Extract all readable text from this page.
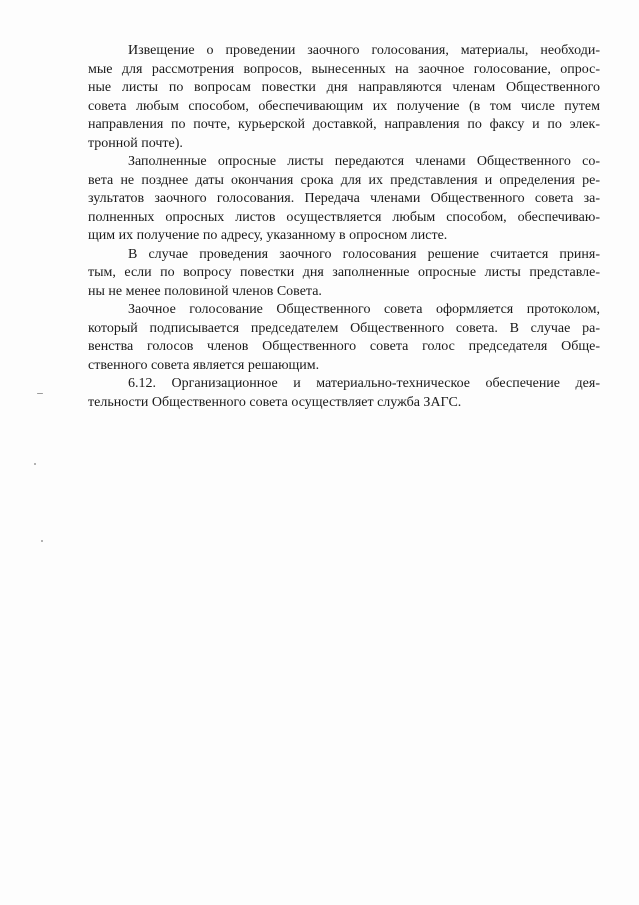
Извещение о проведении заочного голосования, материалы, необходи-
мые для рассмотрения вопросов, вынесенных на заочное голосование, опрос-
ные листы по вопросам повестки дня направляются членам Общественного
совета любым способом, обеспечивающим их получение (в том числе путем
направления по почте, курьерской доставкой, направления по факсу и по элек-
тронной почте).

Заполненные опросные листы передаются членами Общественного со-
вета не позднее даты окончания срока для их представления и определения ре-
зультатов заочного голосования. Передача членами Общественного совета за-
полненных опросных листов осуществляется любым способом, обеспечиваю-
щим их получение по адресу, указанному в опросном листе.

В случае проведения заочного голосования решение считается приня-
тым, если по вопросу повестки дня заполненные опросные листы представле-
ны не менее половиной членов Совета.

Заочное голосование Общественного совета оформляется протоколом,
который подписывается председателем Общественного совета. В случае ра-
венства голосов членов Общественного совета голос председателя Обще-
ственного совета является решающим.

6.12. Организационное и материально-техническое обеспечение дея-
тельности Общественного совета осуществляет служба ЗАГС.
